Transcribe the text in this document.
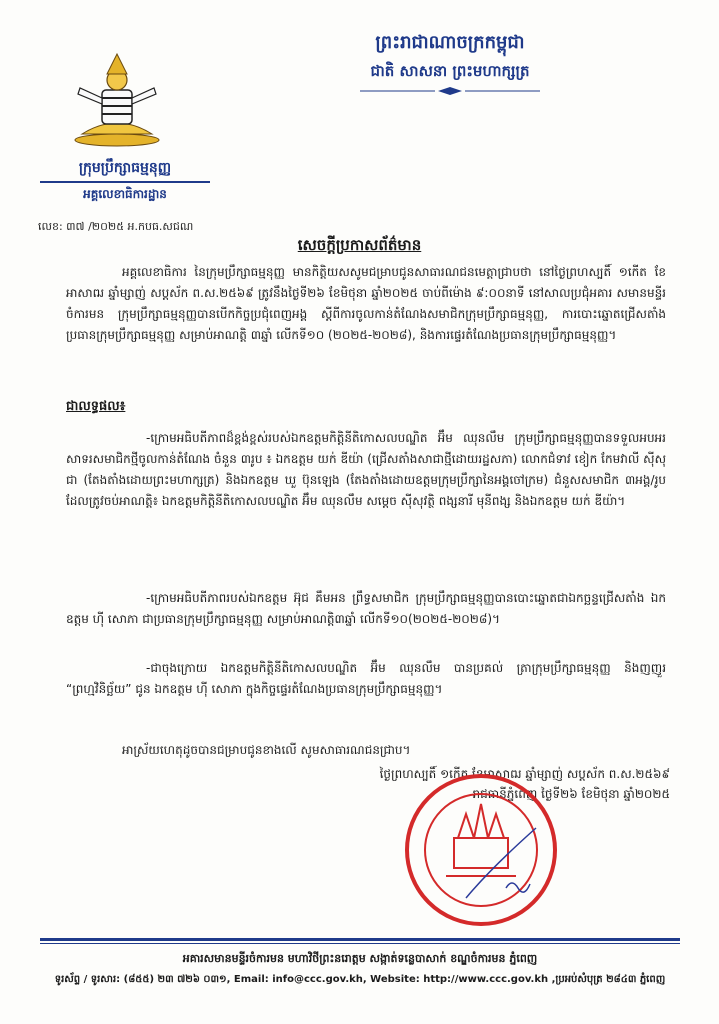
ព្រះរាជាណាចក្រកម្ពុជា
ជាតិ សាសនា ព្រះមហាក្សត្រ
ក្រុមប្រឹក្សាធម្មនុញ្ញ
អគ្គលេខាធិការដ្ឋាន
លេខ: ៣៧ /២០២៥ អ.កបធ.សជណ
សេចក្តីប្រកាសព័ត៌មាន
អគ្គលេខាធិការ នៃក្រុមប្រឹក្សាធម្មនុញ្ញ មានកិត្តិយសសូមជម្រាបជូនសាធារណជនមេត្តាជ្រាបថា នៅថ្ងៃព្រហស្បតិ៍ ១កើត ខែអាសាឍ ឆ្នាំម្សាញ់ សប្តស័ក ព.ស.២៥៦៩ ត្រូវនឹងថ្ងៃទី២៦ ខែមិថុនា ឆ្នាំ២០២៥ ចាប់ពីម៉ោង ៩:០០នាទី នៅសាលប្រជុំអគារ សមានមន្ទីរចំការមន ក្រុមប្រឹក្សាធម្មនុញ្ញបានបើកកិច្ចប្រជុំពេញអង្គ ស្តីពីការចូលកាន់តំណែងសមាជិកក្រុមប្រឹក្សាធម្មនុញ្ញ, ការបោះឆ្នោតជ្រើសតាំងប្រធានក្រុមប្រឹក្សាធម្មនុញ្ញ សម្រាប់អាណត្តិ ៣ឆ្នាំ លើកទី១០ (២០២៥-២០២៨), និងការផ្ទេរតំណែងប្រធានក្រុមប្រឹក្សាធម្មនុញ្ញ។
ជាលទ្ធផល៖
-ក្រោមអធិបតីភាពដ៏ខ្ពង់ខ្ពស់របស់ឯកឧត្តមកិត្តិនីតិកោសលបណ្ឌិត អ៊ឹម ឈុនលឹម ក្រុមប្រឹក្សាធម្មនុញ្ញបានទទួលអបអរសាទរសមាជិកថ្មីចូលកាន់តំណែង ចំនួន ៣រូប ៖ ឯកឧត្តម យក់ ឌីយ៉ា (ជ្រើសតាំងសាជាថ្មីដោយរដ្ឋសភា) លោកជំទាវ ខៀក កែមវាលី ស៊ីសុជា (តែងតាំងដោយព្រះមហាក្សត្រ) និងឯកឧត្តម ឃួ ប៊ុនឡេង (តែងតាំងដោយឧត្តមក្រុមប្រឹក្សានៃអង្គចៅក្រម) ជំនួសសមាជិក ៣អង្គ/រូប ដែលត្រូវចប់អាណត្តិ៖ ឯកឧត្តមកិត្តិនីតិកោសលបណ្ឌិត អ៊ឹម ឈុនលឹម សម្តេច ស៊ីសុវត្ថិ ពង្សនារី មុនីពង្ស និងឯកឧត្តម យក់ ឌីយ៉ា។
-ក្រោមអធិបតីភាពរបស់ឯកឧត្តម អ៊ុជ គឹមអន ព្រឹទ្ធសមាជិក ក្រុមប្រឹក្សាធម្មនុញ្ញបានបោះឆ្នោតជាឯកច្ឆន្ទជ្រើសតាំង ឯកឧត្តម ហ៊ី សោភា ជាប្រធានក្រុមប្រឹក្សាធម្មនុញ្ញ សម្រាប់អាណត្តិ៣ឆ្នាំ លើកទី១០(២០២៥-២០២៨)។
-ជាចុងក្រោយ ឯកឧត្តមកិត្តិនីតិកោសលបណ្ឌិត អ៊ឹម ឈុនលឹម បានប្រគល់ ត្រាក្រុមប្រឹក្សាធម្មនុញ្ញ និងញញួរ “ព្រហ្មវិនិច្ឆ័យ” ជូន ឯកឧត្តម ហ៊ី សោភា ក្នុងកិច្ចផ្ទេរតំណែងប្រធានក្រុមប្រឹក្សាធម្មនុញ្ញ។
អាស្រ័យហេតុដូចបានជម្រាបជូនខាងលើ សូមសាធារណជនជ្រាប។
ថ្ងៃព្រហស្បតិ៍ ១កើត ខែអាសាឍ ឆ្នាំម្សាញ់ សប្តស័ក ព.ស.២៥៦៩
រាជធានីភ្នំពេញ ថ្ងៃទី២៦ ខែមិថុនា ឆ្នាំ២០២៥
អគារសមានមន្ទីរចំការមន មហាវិថីព្រះនរោត្តម សង្កាត់ទន្លេបាសាក់ ខណ្ឌចំការមន ភ្នំពេញ
ទូរស័ព្ទ / ទូរសារ: (៨៥៥) ២៣ ៧២៦ ០៣១, Email: info@ccc.gov.kh, Website: http://www.ccc.gov.kh ,ប្រអប់សំបុត្រ ២៨៤៣ ភ្នំពេញ
